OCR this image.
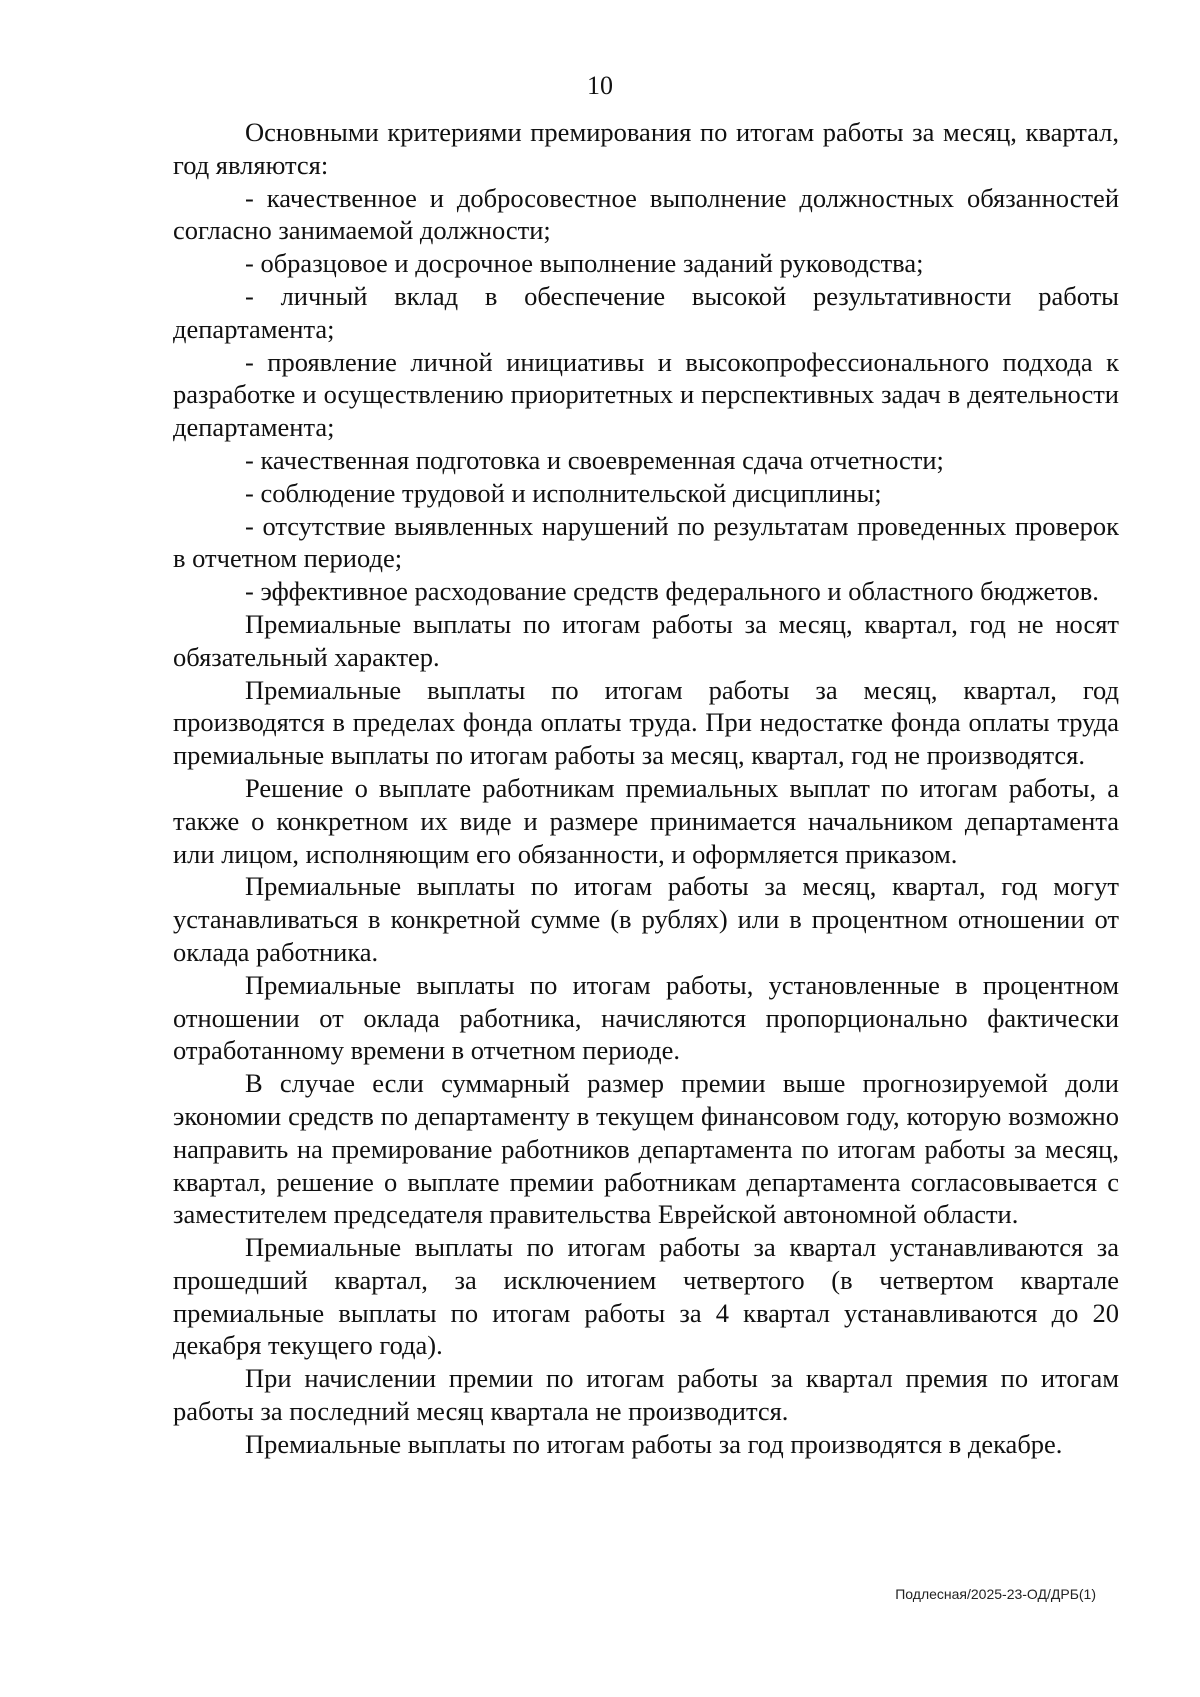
10

Основными критериями премирования по итогам работы за месяц, квартал, год являются:

- качественное и добросовестное выполнение должностных обязанностей согласно занимаемой должности;

- образцовое и досрочное выполнение заданий руководства;

- личный вклад в обеспечение высокой результативности работы департамента;

- проявление личной инициативы и высокопрофессионального подхода к разработке и осуществлению приоритетных и перспективных задач в деятельности департамента;

- качественная подготовка и своевременная сдача отчетности;

- соблюдение трудовой и исполнительской дисциплины;

- отсутствие выявленных нарушений по результатам проведенных проверок в отчетном периоде;

- эффективное расходование средств федерального и областного бюджетов.

Премиальные выплаты по итогам работы за месяц, квартал, год не носят обязательный характер.

Премиальные выплаты по итогам работы за месяц, квартал, год производятся в пределах фонда оплаты труда. При недостатке фонда оплаты труда премиальные выплаты по итогам работы за месяц, квартал, год не производятся.

Решение о выплате работникам премиальных выплат по итогам работы, а также о конкретном их виде и размере принимается начальником департамента или лицом, исполняющим его обязанности, и оформляется приказом.

Премиальные выплаты по итогам работы за месяц, квартал, год могут устанавливаться в конкретной сумме (в рублях) или в процентном отношении от оклада работника.

Премиальные выплаты по итогам работы, установленные в процентном отношении от оклада работника, начисляются пропорционально фактически отработанному времени в отчетном периоде.

В случае если суммарный размер премии выше прогнозируемой доли экономии средств по департаменту в текущем финансовом году, которую возможно направить на премирование работников департамента по итогам работы за месяц, квартал, решение о выплате премии работникам департамента согласовывается с заместителем председателя правительства Еврейской автономной области.

Премиальные выплаты по итогам работы за квартал устанавливаются за прошедший квартал, за исключением четвертого (в четвертом квартале премиальные выплаты по итогам работы за 4 квартал устанавливаются до 20 декабря текущего года).

При начислении премии по итогам работы за квартал премия по итогам работы за последний месяц квартала не производится.

Премиальные выплаты по итогам работы за год производятся в декабре.

Подлесная/2025-23-ОД/ДРБ(1)
